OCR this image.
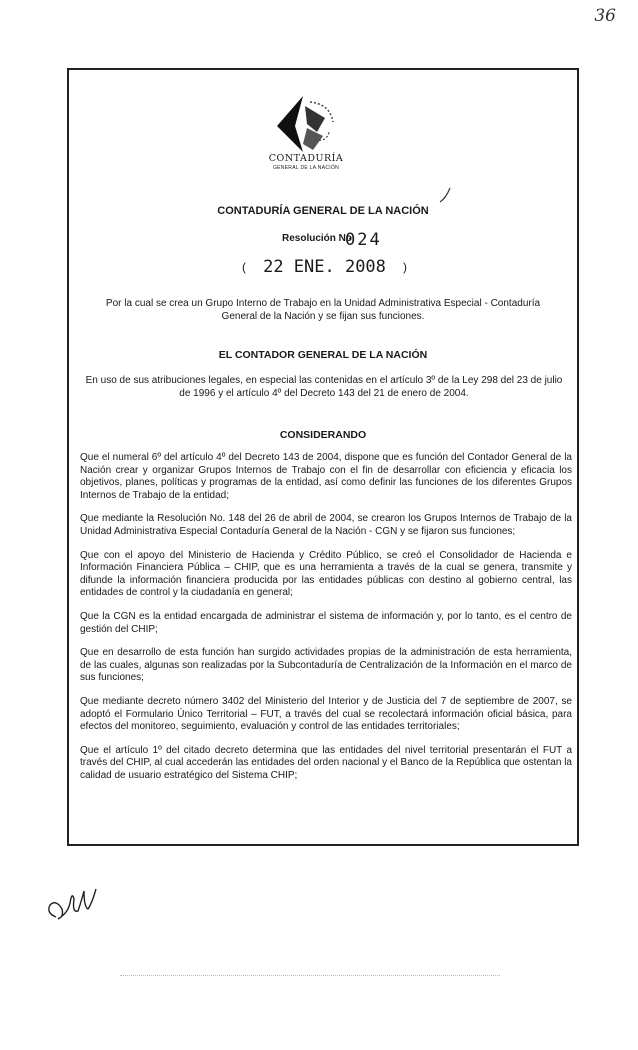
36
CONTADURÍA
GENERAL DE LA NACIÓN
CONTADURÍA GENERAL DE LA NACIÓN
Resolución No.
024
( 22 ENE. 2008 )
Por la cual se crea un Grupo Interno de Trabajo en la Unidad Administrativa Especial - Contaduría General de la Nación y se fijan sus funciones.
EL CONTADOR GENERAL DE LA NACIÓN
En uso de sus atribuciones legales, en especial las contenidas en el artículo 3º de la Ley 298 del 23 de julio de 1996 y el artículo 4º del Decreto 143 del 21 de enero de 2004.
CONSIDERANDO

Que el numeral 6º del artículo 4º del Decreto 143 de 2004, dispone que es función del Contador General de la Nación crear y organizar Grupos Internos de Trabajo con el fin de desarrollar con eficiencia y eficacia los objetivos, planes, políticas y programas de la entidad, así como definir las funciones de los diferentes Grupos Internos de Trabajo de la entidad;

Que mediante la Resolución No. 148 del 26 de abril de 2004, se crearon los Grupos Internos de Trabajo de la Unidad Administrativa Especial Contaduría General de la Nación - CGN y se fijaron sus funciones;

Que con el apoyo del Ministerio de Hacienda y Crédito Público, se creó el Consolidador de Hacienda e Información Financiera Pública – CHIP, que es una herramienta a través de la cual se genera, transmite y difunde la información financiera producida por las entidades públicas con destino al gobierno central, las entidades de control y la ciudadanía en general;

Que la CGN es la entidad encargada de administrar el sistema de información y, por lo tanto, es el centro de gestión del CHIP;

Que en desarrollo de esta función han surgido actividades propias de la administración de esta herramienta, de las cuales, algunas son realizadas por la Subcontaduría de Centralización de la Información en el marco de sus funciones;

Que mediante decreto número 3402 del Ministerio del Interior y de Justicia del 7 de septiembre de 2007, se adoptó el Formulario Único Territorial – FUT, a través del cual se recolectará información oficial básica, para efectos del monitoreo, seguimiento, evaluación y control de las entidades territoriales;

Que el artículo 1º del citado decreto determina que las entidades del nivel territorial presentarán el FUT a través del CHIP, al cual accederán las entidades del orden nacional y el Banco de la República que ostentan la calidad de usuario estratégico del Sistema CHIP;
